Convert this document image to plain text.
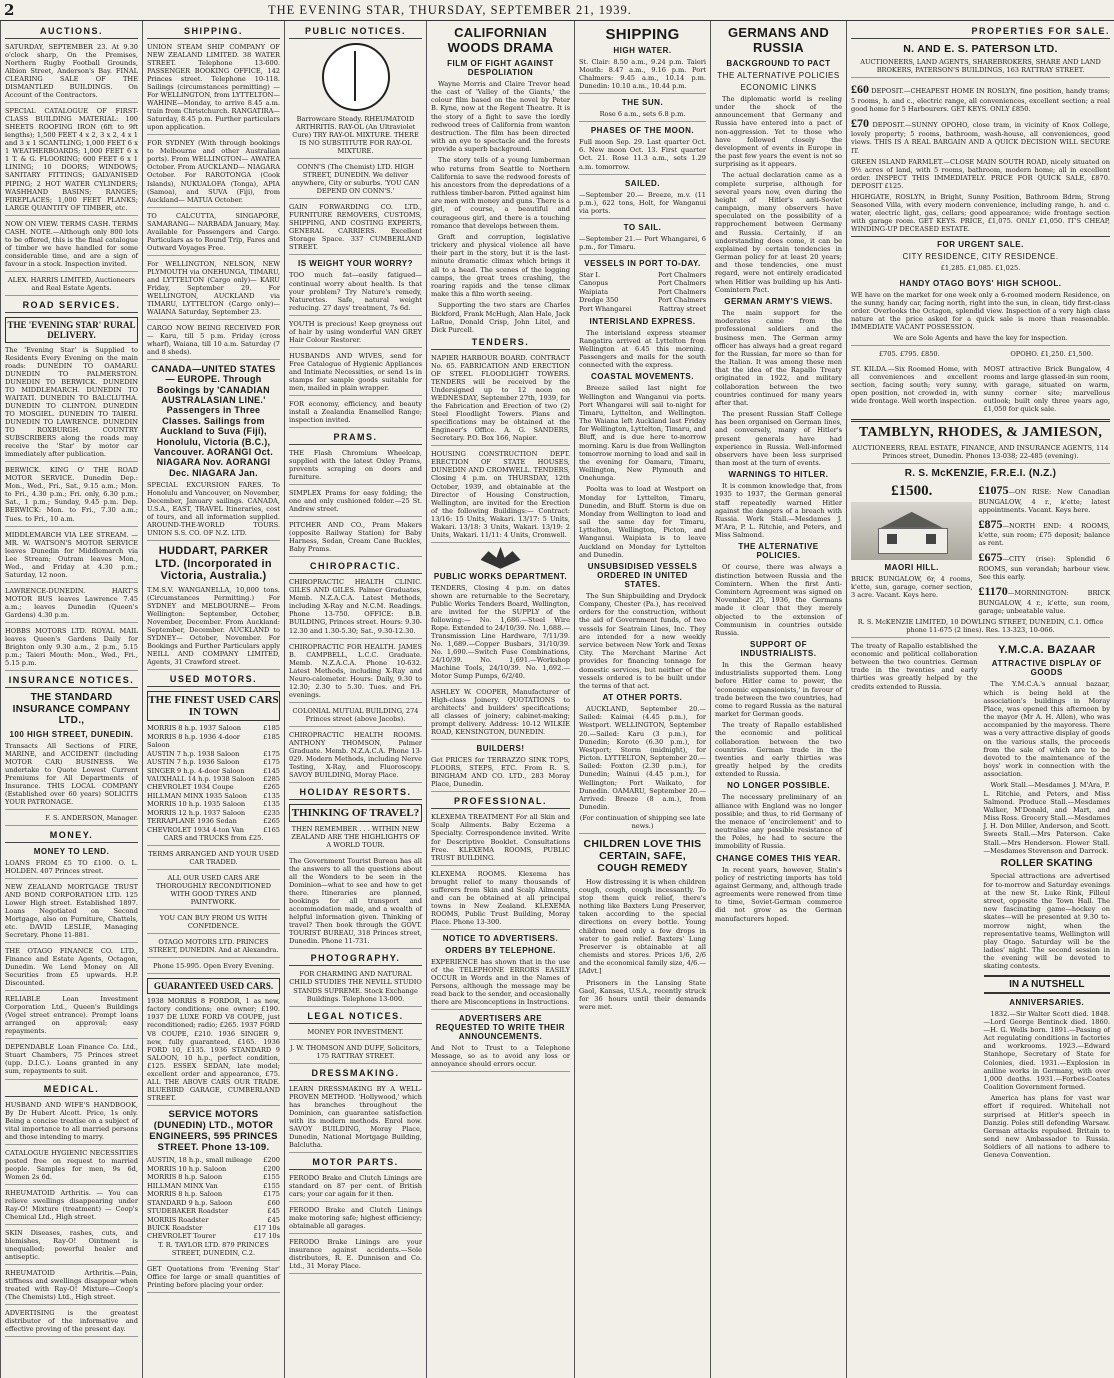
2	THE EVENING STAR, THURSDAY, SEPTEMBER 21, 1939.
AUCTIONS.
SATURDAY, SEPTEMBER 23. At 9.30 o'clock sharp, On the Premises, Northern Rugby Football Grounds, Albion Street, Anderson's Bay. FINAL CLEARING SALE OF THE DISMANTLED BUILDINGS. On Account of the Contractors.
SPECIAL CATALOGUE OF FIRST-CLASS BUILDING MATERIAL: 100 SHEETS ROOFING IRON (6ft to 9ft lengths); 1,500 FEET 4 x 2, 3 x 2, 4 x 1 and 3 x 1 SCANTLING; 1,000 FEET 6 x 1 WEATHERBOARDS; 1,000 FEET 6 x 1 T. & G. FLOORING; 600 FEET 6 x 1 LINING; 10 DOORS; WINDOWS; SANITARY FITTINGS; GALVANISED PIPING; 2 HOT WATER CYLINDERS; WASHHAND BASINS; RANGES; FIREPLACES; 1,000 FEET PLANKS; LARGE QUANTITY OF TIMBER, etc.
NOW ON VIEW. TERMS CASH. TERMS CASH. NOTE.—Although only 800 lots to be offered, this is the final catalogue of timber we have handled for some considerable time, and are a sign of favour in a stock. Inspection invited.
ALEX. HARRIS LIMITED, Auctioneers and Real Estate Agents.
ROAD SERVICES.
THE 'EVENING STAR' RURAL DELIVERY.
The 'Evening Star' is Supplied to Residents Every Evening on the main roads: DUNEDIN TO OAMARU. DUNEDIN TO PALMERSTON. DUNEDIN TO BERWICK. DUNEDIN TO MIDDLEMARCH. DUNEDIN TO WAITATI. DUNEDIN TO BALCLUTHA. DUNEDIN TO CLINTON. DUNEDIN TO MOSGIEL. DUNEDIN TO TAIERI. DUNEDIN TO LAWRENCE. DUNEDIN TO ROXBURGH. COUNTRY SUBSCRIBERS along the roads may receive the 'Star' by motor car immediately after publication.
BERWICK. KING O' THE ROAD MOTOR SERVICE. Dunedin Dep.: Mon., Wed., Fri., Sat., 9.15 a.m.; Mon. to Fri., 4.30 p.m.; Fri. only, 6.30 p.m.; Sat., 1 p.m.; Sunday, 9.45 p.m. Dep. BERWICK: Mon. to Fri., 7.30 a.m.; Tues. to Fri., 10 a.m.
MIDDLEMARCH VIA LEE STREAM. — MR. W. WATSON'S MOTOR SERVICE leaves Dunedin for Middlemarch via Lee Stream; Outram leaves Mon., Wed., and Friday at 4.30 p.m.; Saturday, 12 noon.
LAWRENCE-DUNEDIN. HART'S MOTOR BUS leaves Lawrence 7.45 a.m.; leaves Dunedin (Queen's Gardens) 4.30 p.m.
HOBBS MOTORS LTD. ROYAL MAIL leaves Queen's Gardens Daily for Brighton only 9.30 a.m., 2 p.m., 5.15 p.m.; Taieri Mouth: Mon., Wed., Fri., 5.15 p.m.
INSURANCE NOTICES.
THE STANDARD INSURANCE COMPANY LTD.,
100 HIGH STREET, DUNEDIN.
Transacts All Sections of FIRE, MARINE, and ACCIDENT (including MOTOR CAR) BUSINESS. We undertake to Quote Lowest Current Premiums for All Departments of Insurance. THIS LOCAL COMPANY (Established over 60 years) SOLICITS YOUR PATRONAGE.
F. S. ANDERSON, Manager.
MONEY.
MONEY TO LEND.
LOANS FROM £5 TO £100. O. L. HOLDEN. 407 Princes street.
NEW ZEALAND MORTGAGE TRUST AND BOND CORPORATION LTD. 125 Lower High street. Established 1897. Loans Negotiated on Second Mortgage, also on Furniture, Chattels, etc. DAVID LESLIE, Managing Secretary. Phone 11-881.
THE OTAGO FINANCE CO. LTD., Finance and Estate Agents, Octagon, Dunedin. We Lend Money on All Securities from £5 upwards. H.P. Discounted.
RELIABLE Loan Investment Corporation Ltd., Queen's Buildings (Vogel street entrance). Prompt loans arranged on approval; easy repayments.
DEPENDABLE Loan Finance Co. Ltd., Stuart Chambers, 75 Princes street (upp. D.I.C.). Loans granted in any sum, repayments to suit.
MEDICAL.
HUSBAND AND WIFE'S HANDBOOK, By Dr Hubert Alcott. Price, 1s only. Being a concise treatise on a subject of vital importance to all married persons and those intending to marry.
CATALOGUE HYGIENIC NECESSITIES posted free on request to married people. Samples for men, 9s 6d, Women 2s 6d.
RHEUMATOID Arthritis. — You can relieve swellings disappearing under Ray-O! Mixture (treatment) — Coop's Chemical Ltd., High street.
SKIN Diseases, rashes, cuts, and blemishes, Ray-O! Ointment is unequalled; powerful healer and antiseptic.
RHEUMATOID Arthritis.—Pain, stiffness and swellings disappear when treated with Ray-O! Mixture—Coop's (The Chemists) Ltd., High street.
ADVERTISING is the greatest distributor of the informative and effective proving of the present day.
SHIPPING.
UNION STEAM SHIP COMPANY OF NEW ZEALAND LIMITED. 38 WATER STREET. Telephone 13-600. PASSENGER BOOKING OFFICE, 142 Princes street. Telephone 10-118. Sailings (circumstances permitting) — For WELLINGTON, from LYTTELTON— WAHINE—Monday, to arrive 8.45 a.m. train from Christchurch. RANGATIRA—Saturday, 8.45 p.m. Further particulars upon application.
FOR SYDNEY (With through bookings to Melbourne and other Australian ports). From WELLINGTON— AWATEA October. From AUCKLAND— NIAGARA October. For RAROTONGA (Cook Islands), NUKUALOFA (Tonga), APIA (Samoa), and SUVA (Fiji), from Auckland— MATUA October.
TO CALCUTTA, SINGAPORE, SAMARANG— NARBADA January, May. Available for Passengers and Cargo. Particulars as to Round Trip, Fares and Outward Voyages Free.
For WELLINGTON, NELSON, NEW PLYMOUTH via ONEHUNGA, TIMARU, and LYTTELTON (Cargo only)— KARU Friday, September 29. For WELLINGTON, AUCKLAND via TIMARU, LYTTELTON (Cargo only)— WAIANA Saturday, September 23.
CARGO NOW BEING RECEIVED FOR— Karu, till 5 p.m. Friday (cross wharf), Waiana, till 10 a.m. Saturday (7 and 8 sheds).
CANADA—UNITED STATES— EUROPE. Through Bookings by 'CANADIAN AUSTRALASIAN LINE.' Passengers in Three Classes. Sailings from Auckland to Suva (Fiji), Honolulu, Victoria (B.C.), Vancouver. AORANGI Oct. NIAGARA Nov. AORANGI Dec. NIAGARA Jan.
SPECIAL EXCURSION FARES. To Honolulu and Vancouver, on November, December, January sailings. CANADA, U.S.A., EAST, TRAVEL Itineraries, cost of tours, and all information supplied. AROUND-THE-WORLD TOURS. UNION S.S. CO. OF N.Z. LTD.
HUDDART, PARKER LTD. (Incorporated in Victoria, Australia.)
T.M.S.V. WANGANELLA, 10,000 tons. (Circumstances Permitting.) For SYDNEY and MELBOURNE— From Wellington: September, October, November, December. From Auckland: September, December. AUCKLAND to SYDNEY— October, November. For Bookings and Further Particulars apply NEILL AND COMPANY LIMITED, Agents, 31 Crawford street.
USED MOTORS.
THE FINEST USED CARS IN TOWN
MORRIS 8 h.p. 1937 Saloon	£185
MORRIS 8 h.p. 1936 4-door Saloon
£185
AUSTIN 7 h.p. 1938 Saloon	£175
AUSTIN 7 h.p. 1936 Saloon	£175
SINGER 9 h.p. 4-door Saloon	£145
VAUXHALL 14 h.p. 1938 Saloon £285
CHEVROLET 1934 Coupe	£265
HILLMAN MINX 1935 Saloon £135
MORRIS 10 h.p. 1935 Saloon	£135
MORRIS 12 h.p. 1937 Saloon	£235
TERRAPLANE 1936 Sedan	£265
CHEVROLET 1934 4-ton Van	£165
CARS and TRUCKS from £25.
TERMS ARRANGED AND YOUR USED CAR TRADED.
ALL OUR USED CARS ARE THOROUGHLY RECONDITIONED WITH GOOD TYRES AND PAINTWORK.
YOU CAN BUY FROM US WITH CONFIDENCE.
OTAGO MOTORS LTD. PRINCES STREET, DUNEDIN. And at Alexandra.
Phone 15-995. Open Every Evening.
GUARANTEED USED CARS.
1938 MORRIS 8 FORDOR, 1 as new, factory conditions; one owner; £190. 1937 DE LUXE FORD V8 COUPE, just reconditioned; radio; £265. 1937 FORD V8 COUPE, £210. 1936 SINGER 9, new, fully guaranteed, £165. 1936 FORD 10, £135. 1936 STANDARD 9 SALOON, 10 h.p., perfect condition, £125. ESSEX SEDAN, late model; excellent order and appearance, £75. ALL THE ABOVE CARS OUR TRADE. BLUEBIRD GARAGE, CUMBERLAND STREET.
SERVICE MOTORS (DUNEDIN) LTD., MOTOR ENGINEERS, 595 PRINCES STREET. Phone 13-109.
AUSTIN, 18 h.p., small mileage £200
MORRIS 10 h.p. Saloon	£200
MORRIS 8 h.p. Saloon	£155
HILLMAN MINX Van	£155
MORRIS 8 h.p. Saloon	£175
STANDARD 9 h.p. Saloon	£60
STUDEBAKER Roadster	£45
MORRIS Roadster	£45
BUICK Roadster	£17 10s
CHEVROLET Tourer	£17 10s
T. R. TAYLOR LTD. 879 PRINCES STREET, DUNEDIN, C.2.
GET Quotations from 'Evening Star' Office for large or small quantities of Printing before placing your order.
PUBLIC NOTICES.
Barrowcare Steady. RHEUMATOID ARTHRITIS. RAY-OL (An Ultraviolet Cure) TRY RAY-OL MIXTURE. THERE IS NO SUBSTITUTE FOR RAY-OL MIXTURE.
CONN'S (The Chemist) LTD. HIGH STREET, DUNEDIN. We deliver anywhere, City or suburbs. 'YOU CAN DEPEND ON CONN'S.'
GAIN FORWARDING CO. LTD., FURNITURE REMOVERS, CUSTOMS, SHIPPING, AND COSTING EXPERTS, GENERAL CARRIERS. Excellent Storage Space. 337 CUMBERLAND STREET.
IS WEIGHT YOUR WORRY?
TOO much fat—easily fatigued—continual worry about health. Is that your problem? Try Nature's remedy, Naturettes. Safe, natural weight reducing. 27 days' treatment, 7s 6d.
YOUTH is precious! Keep greyness out of hair by using wonderful VAN GREY Hair Colour Restorer.
HUSBANDS AND WIVES, send for Free Catalogue of Hygienic Appliances and Intimate Necessities, or send 1s in stamps for sample goods suitable for men, mailed in plain wrapper.
FOR economy, efficiency, and beauty install a Zealandia Enamelled Range; inspection invited.
PRAMS.
THE Flash Chromium Wheelcap, supplied with the latest Oxley Prams, prevents scraping on doors and furniture.
SIMPLEX Prams for easy folding; the one and only cushioned folder.—25 St. Andrew street.
PITCHER AND CO., Pram Makers (opposite Railway Station) for Baby Harness, Sedan, Cream Cane Buckles, Baby Prams.
CHIROPRACTIC.
CHIROPRACTIC HEALTH CLINIC. GILES AND GILES. Palmer Graduates, Memb. N.Z.A.C.A. Latest Methods, including X-Ray and N.C.M. Readings. Phone 13-750. OFFICE: B.B. BUILDING, Princes street. Hours: 9.30-12.30 and 1.30-5.30; Sat., 9.30-12.30.
CHIROPRACTIC FOR HEALTH. JAMES B. CAMPBELL, L.C.C. Graduate. Memb. N.Z.A.C.A. Phone 10-632. Latest Methods, including X-Ray and Neuro-calometer. Hours: Daily, 9.30 to 12.30; 2.30 to 5.30. Tues. and Fri. evenings.
COLONIAL MUTUAL BUILDING, 274 Princes street (above Jacobs).
CHIROPRACTIC HEALTH ROOMS. ANTHONY THOMSON, Palmer Graduate. Memb. N.Z.A.C.A. Phone 13-029. Modern Methods, including Nerve Testing, X-Ray, and Fluoroscopy. SAVOY BUILDING, Moray Place.
HOLIDAY RESORTS.
THINKING OF TRAVEL?
THEN REMEMBER . . . WITHIN NEW ZEALAND ARE THE HIGHLIGHTS OF A WORLD TOUR.
The Government Tourist Bureau has all the answers to all the questions about all the Wonders to be seen in the Dominion—what to see and how to get there. Itineraries are planned, bookings for all transport and accommodation made, and a wealth of helpful information given. Thinking of travel? Then book through the GOVT. TOURIST BUREAU, 318 Princes street, Dunedin. Phone 11-731.
PHOTOGRAPHY.
FOR CHARMING AND NATURAL CHILD STUDIES THE NEVILL STUDIO STANDS SUPREME. Stock Exchange Buildings. Telephone 13-000.
LEGAL NOTICES.
MONEY FOR INVESTMENT.
J. W. THOMSON AND DUFF, Solicitors, 175 RATTRAY STREET.
DRESSMAKING.
LEARN DRESSMAKING BY A WELL-PROVEN METHOD. 'Hollywood,' which has branches throughout the Dominion, can guarantee satisfaction with its modern methods. Enrol now. SAVOY BUILDING, Moray Place, Dunedin, National Mortgage Building, Balclutha.
MOTOR PARTS.
FERODO Brake and Clutch Linings are standard on 87 per cent. of British cars; your car again for it then.
FERODO Brake and Clutch Linings make motoring safe; highest efficiency; obtainable all garages.
FERODO Brake Linings are your insurance against accidents.—Sole distributors, R. E. Dunnison and Co. Ltd., 31 Moray Place.
CALIFORNIAN WOODS DRAMA
FILM OF FIGHT AGAINST DESPOLIATION
Wayne Morris and Claire Trevor head the cast of 'Valley of the Giants,' the colour film based on the novel by Peter B. Kyne, now at the Regent Theatre. It is the story of a fight to save the lordly redwood trees of California from wanton destruction. The film has been directed with an eye to spectacle and the forests provide a superb background.
The story tells of a young lumberman who returns from Seattle to Northern California to save the redwood forests of his ancestors from the depredations of a ruthless timber-baron. Pitted against him are men with money and guns. There is a girl, of course, a beautiful and courageous girl, and there is a touching romance that develops between them.
Graft and corruption, legislative trickery and physical violence all have their part in the story, but it is the last-minute dramatic climax which brings it all to a head. The scenes of the logging camps, the great trees crashing, the roaring rapids and the tense climax make this a film worth seeing.
Supporting the two stars are Charles Bickford, Frank McHugh, Alan Hale, Jack LaRue, Donald Crisp, John Litel, and Dick Purcell.
TENDERS.
NAPIER HARBOUR BOARD. CONTRACT No. 65. FABRICATION AND ERECTION OF STEEL FLOODLIGHT TOWERS. TENDERS will be received by the Undersigned up to 12 noon on WEDNESDAY, September 27th, 1939, for the Fabrication and Erection of two (2) Steel Floodlight Towers. Plans and specifications may be obtained at the Engineer's Office. A. G. SANDERS, Secretary. P.O. Box 166, Napier.
HOUSING CONSTRUCTION DEPT. ERECTION OF STATE HOUSES, DUNEDIN AND CROMWELL. TENDERS, Closing 4 p.m. on THURSDAY, 12th October, 1939, and obtainable at the Director of Housing Construction, Wellington, are invited for the Erection of the following Buildings:— Contract: 13/16: 15 Units, Wakari. 13/17: 5 Units, Wakari. 13/18: 3 Units, Wakari. 13/19: 2 Units, Wakari. 11/11: 4 Units, Cromwell.
PUBLIC WORKS DEPARTMENT.
TENDERS, Closing 4 p.m. on dates shown are returnable to the Secretary, Public Works Tenders Board, Wellington, are invited for the SUPPLY of the following:— No. 1,686.—Steel Wire Rope. Extended to 24/10/39. No. 1,688.—Transmission Line Hardware, 7/11/39. No. 1,689.—Copper Busbars, 31/10/39. No. 1,690.—Switch Fuse Combinations, 24/10/39. No. 1,691.—Workshop Machine Tools, 24/10/39. No. 1,692.—Motor Sump Pumps, 6/2/40.
ASHLEY W. COOPER, Manufacturer of High-class Joinery. QUOTATIONS to architects' and builders' specifications; all classes of joinery; cabinet-making; prompt delivery. Address: 10-12 WILKIE ROAD, KENSINGTON, DUNEDIN.
BUILDERS!
Get PRICES for TERRAZZO SINK TOPS, FLOORS, STEPS, ETC. From R. S. BINGHAM AND CO. LTD., 283 Moray Place, Dunedin.
PROFESSIONAL.
KLEXEMA TREATMENT For all Skin and Scalp Ailments. Baby Eczema a Specialty. Correspondence invited. Write for Descriptive Booklet. Consultations Free. KLEXEMA ROOMS, PUBLIC TRUST BUILDING.
KLEXEMA ROOMS. Klexema has brought relief to many thousands of sufferers from Skin and Scalp Ailments, and can be obtained at all principal towns in New Zealand. KLEXEMA ROOMS, Public Trust Building, Moray Place. Phone 13-300.
NOTICE TO ADVERTISERS.
ORDERS BY TELEPHONE.
EXPERIENCE has shown that in the use of the TELEPHONE ERRORS EASILY OCCUR in Words and in the Names of Persons, although the message may be read back to the sender, and occasionally there are Misconceptions in Instructions.
ADVERTISERS ARE REQUESTED TO WRITE THEIR ANNOUNCEMENTS.
And Not to Trust to a Telephone Message, so as to avoid any loss or annoyance should errors occur.
SHIPPING
HIGH WATER.
St. Clair: 8.50 a.m., 9.24 p.m. Taieri Mouth: 8.47 a.m., 9.16 p.m. Port Chalmers: 9.45 a.m., 10.14 p.m. Dunedin: 10.10 a.m., 10.44 p.m.
THE SUN.
Rose 6 a.m., sets 6.8 p.m.
PHASES OF THE MOON.
Full moon Sep. 29. Last quarter Oct. 6. New moon Oct. 13. First quarter Oct. 21. Rose 11.3 a.m., sets 1.29 a.m. tomorrow.
SAILED.
—September 20.— Breeze, m.v. (11 p.m.), 622 tons, Holt, for Wanganui via ports.
TO SAIL.
—September 21.— Port Whangarei, 6 p.m., for Timaru.
VESSELS IN PORT TO-DAY.
Star I.	Port Chalmers
Canopus	Port Chalmers
Waipiata	Port Chalmers
Dredge 350	Port Chalmers
Port Whangarei	Rattray street
INTERISLAND EXPRESS.
The interisland express steamer Rangatira arrived at Lyttelton from Wellington at 6.45 this morning. Passengers and mails for the south connected with the express.
COASTAL MOVEMENTS.
Breeze sailed last night for Wellington and Wanganui via ports. Port Whangarei will sail to-night for Timaru, Lyttelton, and Wellington. The Waiana left Auckland last Friday for Wellington, Lyttelton, Timaru, and Bluff, and is due here to-morrow morning. Karu is due from Wellington tomorrow morning to load and sail in the evening for Oamaru, Timaru, Wellington, New Plymouth and Onehunga.
Poolta was to load at Westport on Monday for Lyttelton, Timaru, Dunedin, and Bluff. Storm is due on Monday from Wellington to load and sail the same day for Timaru, Lyttelton, Wellington, Picton, and Wanganui. Waipiata is to leave Auckland on Monday for Lyttelton and Dunedin.
UNSUBSIDISED VESSELS ORDERED IN UNITED STATES.
The Sun Shipbuilding and Drydock Company, Chester (Pa.), has received orders for the construction, without the aid of Government funds, of two vessels for Seatrain Lines, Inc. They are intended for a new weekly service between New York and Texas City. The Merchant Marine Act provides for financing tonnage for domestic services, but neither of the vessels ordered is to be built under the terms of that act.
AT OTHER PORTS.
AUCKLAND, September 20.—Sailed: Kaimai (4.45 p.m.), for Westport. WELLINGTON, September 20.—Sailed: Karu (3 p.m.), for Dunedin; Koroto (6.30 p.m.), for Westport; Storm (midnight), for Picton. LYTTELTON, September 20.—Sailed: Foxton (2.30 p.m.), for Dunedin; Wainui (4.45 p.m.), for Wellington; Port Waikato, for Dunedin. OAMARU, September 20.—Arrived: Breeze (8 a.m.), from Dunedin.
(For continuation of shipping see late news.)
CHILDREN LOVE THIS CERTAIN, SAFE, COUGH REMEDY
How distressing it is when children cough, cough, cough incessantly. To stop them quick relief, there's nothing like Baxters Lung Preserver, taken according to the special directions on every bottle. Young children need only a few drops in water to gain relief. Baxters' Lung Preserver is obtainable at all chemists and stores. Prices 1/6, 2/6 and the economical family size, 4/6.—[Advt.]
Prisoners in the Lansing State Gaol, Kansas, U.S.A., recently struck for 36 hours until their demands were met.
GERMANS AND RUSSIA
BACKGROUND TO PACT
THE ALTERNATIVE POLICIES
ECONOMIC LINKS
The diplomatic world is reeling under the shock of the announcement that Germany and Russia have entered into a pact of non-aggression. Yet to those who have followed closely the development of events in Europe in the past few years the event is not so surprising as it appears.
The actual declaration came as a complete surprise, although for several years now, even during the height of Hitler's anti-Soviet campaign, many observers have speculated on the possibility of a rapprochement between Germany and Russia. Certainly, if an understanding does come, it can be explained by certain tendencies in German policy for at least 20 years; and those tendencies, one must regard, were not entirely eradicated when Hitler was building up his Anti-Comintern Pact.
GERMAN ARMY'S VIEWS.
The main support for the moderates came from the professional soldiers and the business men. The German army officer has always had a great regard for the Russian, far more so than for the Italian. It was among these men that the idea of the Rapallo Treaty originated in 1922, and military collaboration between the two countries continued for many years after that.
The present Russian Staff College has been organised on German lines, and conversely, many of Hitler's present generals have had experience in Russia. Well-informed observers have been less surprised than most at the turn of events.
WARNINGS TO HITLER.
It is common knowledge that, from 1935 to 1937, the German general staff repeatedly warned Hitler against the dangers of a breach with Russia. Work Stall.—Mesdames J. M'Ara, P. L. Ritchie, and Peters, and Miss Salmond.
THE ALTERNATIVE POLICIES.
Of course, there was always a distinction between Russia and the Comintern. When the first Anti-Comintern Agreement was signed on November 25, 1936, the Germans made it clear that they merely objected to the extension of Communism in countries outside Russia.
SUPPORT OF INDUSTRIALISTS.
In this the German heavy industrialists supported them. Long before Hitler came to power, the 'economic expansionists,' in favour of trade between the two countries, had come to regard Russia as the natural market for German goods.
The treaty of Rapallo established the economic and political collaboration between the two countries. German trade in the twenties and early thirties was greatly helped by the credits extended to Russia.
NO LONGER POSSIBLE.
The necessary preliminary of an alliance with England was no longer possible; and thus, to rid Germany of the menace of 'encirclement' and to neutralise any possible resistance of the Poles, he had to secure the immobility of Russia.
CHANGE COMES THIS YEAR.
In recent years, however, Stalin's policy of restricting imports has told against Germany, and, although trade agreements were renewed from time to time, Soviet-German commerce did not grow as the German manufacturers hoped.
PROPERTIES FOR SALE.
N. AND E. S. PATERSON LTD.
AUCTIONEERS, LAND AGENTS, SHAREBROKERS, SHARE AND LAND BROKERS, PATERSON'S BUILDINGS, 163 RATTRAY STREET.
£60 DEPOSIT.—CHEAPEST HOME IN ROSLYN, fine position, handy trams; 5 rooms, h. and c., electric range, all conveniences, excellent section; a real good home for 5 Harbourers. GET KEYS. ONLY £850.
£70 DEPOSIT.—SUNNY OPOHO, close tram, in vicinity of Knox College, lovely property; 5 rooms, bathroom, wash-house, all conveniences, good views. THIS IS A REAL BARGAIN AND A QUICK DECISION WILL SECURE IT.
GREEN ISLAND FARMLET.—CLOSE MAIN SOUTH ROAD, nicely situated on 9½ acres of land, with 5 rooms, bathroom, modern home; all in excellent order. INSPECT THIS IMMEDIATELY. PRICE FOR QUICK SALE, £870. DEPOSIT £125.
HIGHGATE, ROSLYN, in Bright, Sunny Position, Bathroom Bdrm, Strong Seasoned Villa, with every modern convenience, including range, h. and c. water, electric light, gas, cellars; good appearance; wide frontage section with garage room. GET KEYS. PRICE, £1,075. ONLY £1,050. IT'S CHEAP, WINDING-UP DECEASED ESTATE.
FOR URGENT SALE.
CITY RESIDENCE, CITY RESIDENCE.
£1,285. £1,085. £1,025.
HANDY OTAGO BOYS' HIGH SCHOOL.
WE have on the market for one week only a 6-roomed modern Residence, on the sunny, handy car, facing north, right into the sun, in clean, tidy first-class order. Overlooks the Octagon, splendid view. Inspection of a very high class nature at the price asked for a quick sale is more than reasonable. IMMEDIATE VACANT POSSESSION.
We are Sole Agents and have the key for inspection.
£705. £795. £850.	OPOHO. £1,250. £1,500.
ST. KILDA.—Six Roomed Home, with all conveniences and excellent section, facing south; very sunny, open position, not crowded in, with wide frontage. Well worth inspection.
MOST attractive Brick Bungalow, 4 rooms and large glassed-in sun room, with garage, situated on warm, sunny corner site; marvellous outlook; built only three years ago, £1,050 for quick sale.
TAMBLYN, RHODES, & JAMIESON,
AUCTIONEERS, REAL ESTATE, FINANCE, AND INSURANCE AGENTS, 114 Princes street, Dunedin. Phones 13-038; 22-485 (evening).
R. S. McKENZIE, F.R.E.I. (N.Z.)
£1500.
MAORI HILL.
BRICK BUNGALOW, 6r, 4 rooms, k'ette, sun, garage, corner section, 3 acre. Vacant. Keys here.
£1075—ON RISE: New Canadian BUNGALOW, 4 r., k'ette; latest appointments. Vacant. Keys here.
£875—NORTH END: 4 ROOMS, k'ette, sun room; £75 deposit; balance as rent.
£675—CITY (rise): Splendid 6 ROOMS, sun verandah; harbour view. See this early.
£1170—MORNINGTON: BRICK BUNGALOW, 4 r., k'ette, sun room, garage; unbeatable value.
R. S. McKENZIE LIMITED, 10 DOWLING STREET, DUNEDIN, C.1. Office phone 11-675 (2 lines). Res. 13-323, 10-066.
The treaty of Rapallo established the economic and political collaboration between the two countries. German trade in the twenties and early thirties was greatly helped by the credits extended to Russia.
Y.M.C.A. BAZAAR
ATTRACTIVE DISPLAY OF GOODS
The Y.M.C.A.'s annual bazaar, which is being held at the association's buildings in Moray Place, was opened this afternoon by the mayor (Mr A. H. Allen), who was accompanied by the mayoress. There was a very attractive display of goods on the various stalls, the proceeds from the sale of which are to be devoted to the maintenance of the boys' work in connection with the association.
Work Stall.—Mesdames J. M'Ara, P. L. Ritchie, and Peters, and Miss Salmond. Produce Stall.—Mesdames Walker, M'Donald, and Mart, and Miss Ross. Grocery Stall.—Mesdames J. H. Don Miller, Anderson, and Scott. Sweets Stall.—Mrs Paterson. Cake Stall.—Mrs Henderson. Flower Stall.—Mesdames Stevenson and Darrock.
ROLLER SKATING
Special attractions are advertised for to-morrow and Saturday evenings at the new St. Luke Rink, Filleul street, opposite the Town Hall. The new fascinating game—hockey on skates—will be presented at 9.30 to-morrow night, when the representative teams, Wellington will play Otago. Saturday will be the ladies' night. The second session in the evening will be devoted to skating contests.
IN A NUTSHELL
ANNIVERSARIES.
1832.—Sir Walter Scott died. 1848.—Lord George Bentinck died. 1860.—H. G. Wells born. 1891.—Passing of Act regulating conditions in factories and workrooms. 1923.—Edward Stanhope, Secretary of State for Colonies, died. 1931.—Explosion in aniline works in Germany, with over 1,000 deaths. 1931.—Forbes-Coates Coalition Government formed.
America has plans for vast war effort if required. Whitehall not surprised at Hitler's speech in Danzig. Poles still defending Warsaw. German attacks repulsed. Britain to send new Ambassador to Russia. Soldiers of all nations to adhere to Geneva Convention.
